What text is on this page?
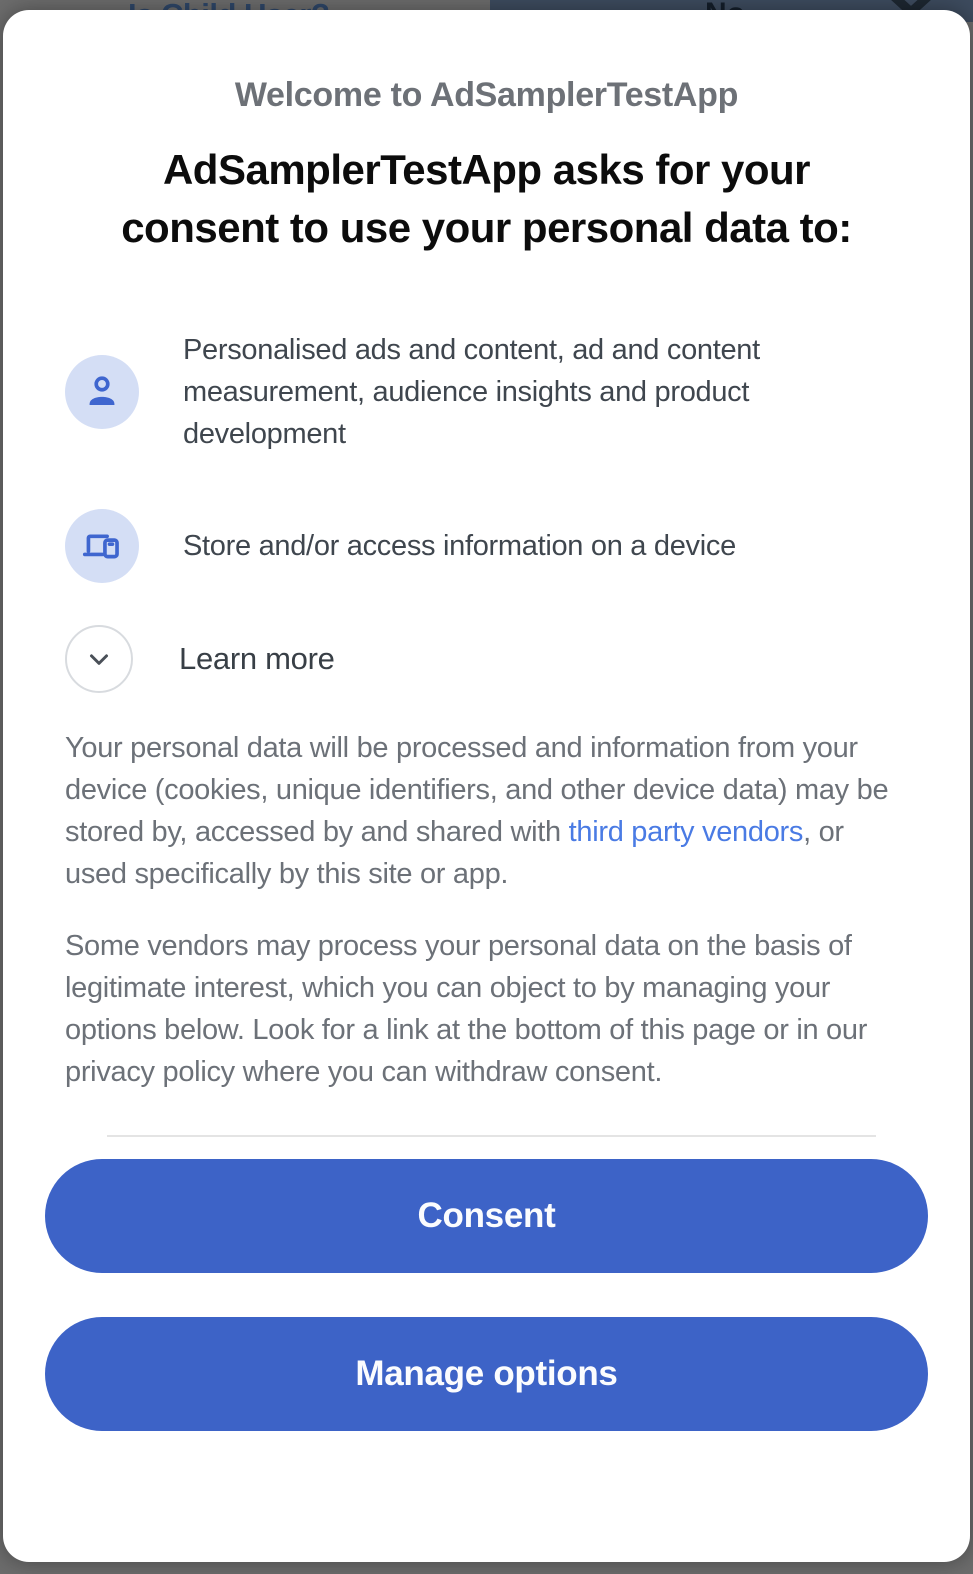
Welcome to AdSamplerTestApp
AdSamplerTestApp asks for your
consent to use your personal data to:
Personalised ads and content, ad and content measurement, audience insights and product development
Store and/or access information on a device
Learn more

Your personal data will be processed and information from your device (cookies, unique identifiers, and other device data) may be stored by, accessed by and shared with third party vendors, or used specifically by this site or app.

Some vendors may process your personal data on the basis of legitimate interest, which you can object to by managing your options below. Look for a link at the bottom of this page or in our privacy policy where you can withdraw consent.

Consent
Manage options
